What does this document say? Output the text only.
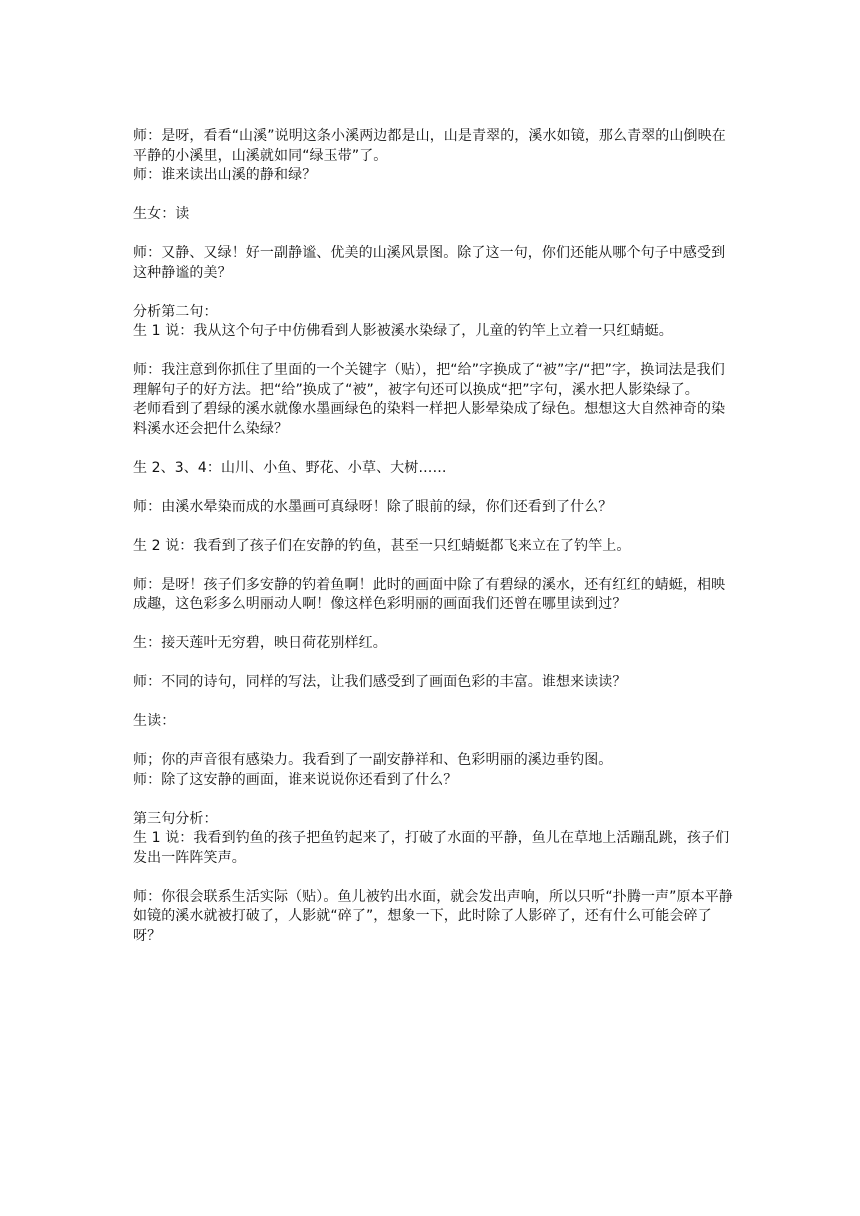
师：是呀，看看“山溪”说明这条小溪两边都是山，山是青翠的，溪水如镜，那么青翠的山倒映在平静的小溪里，山溪就如同“绿玉带”了。

师：谁来读出山溪的静和绿？

生女：读

师：又静、又绿！好一副静谧、优美的山溪风景图。除了这一句，你们还能从哪个句子中感受到这种静谧的美？

分析第二句：

生 1 说：我从这个句子中仿佛看到人影被溪水染绿了，儿童的钓竿上立着一只红蜻蜓。

师：我注意到你抓住了里面的一个关键字（贴），把“给”字换成了“被”字/“把”字，换词法是我们理解句子的好方法。把“给”换成了“被”，被字句还可以换成“把”字句，溪水把人影染绿了。

老师看到了碧绿的溪水就像水墨画绿色的染料一样把人影晕染成了绿色。想想这大自然神奇的染料溪水还会把什么染绿？

生 2、3、4：山川、小鱼、野花、小草、大树……

师：由溪水晕染而成的水墨画可真绿呀！除了眼前的绿，你们还看到了什么？

生 2 说：我看到了孩子们在安静的钓鱼，甚至一只红蜻蜓都飞来立在了钓竿上。

师：是呀！孩子们多安静的钓着鱼啊！此时的画面中除了有碧绿的溪水，还有红红的蜻蜓，相映成趣，这色彩多么明丽动人啊！像这样色彩明丽的画面我们还曾在哪里读到过？

生：接天莲叶无穷碧，映日荷花别样红。

师：不同的诗句，同样的写法，让我们感受到了画面色彩的丰富。谁想来读读？

生读：

师；你的声音很有感染力。我看到了一副安静祥和、色彩明丽的溪边垂钓图。

师：除了这安静的画面，谁来说说你还看到了什么？

第三句分析：

生 1 说：我看到钓鱼的孩子把鱼钓起来了，打破了水面的平静，鱼儿在草地上活蹦乱跳，孩子们发出一阵阵笑声。

师：你很会联系生活实际（贴）。鱼儿被钓出水面，就会发出声响，所以只听“扑腾一声”原本平静如镜的溪水就被打破了，人影就“碎了”，想象一下，此时除了人影碎了，还有什么可能会碎了呀？
